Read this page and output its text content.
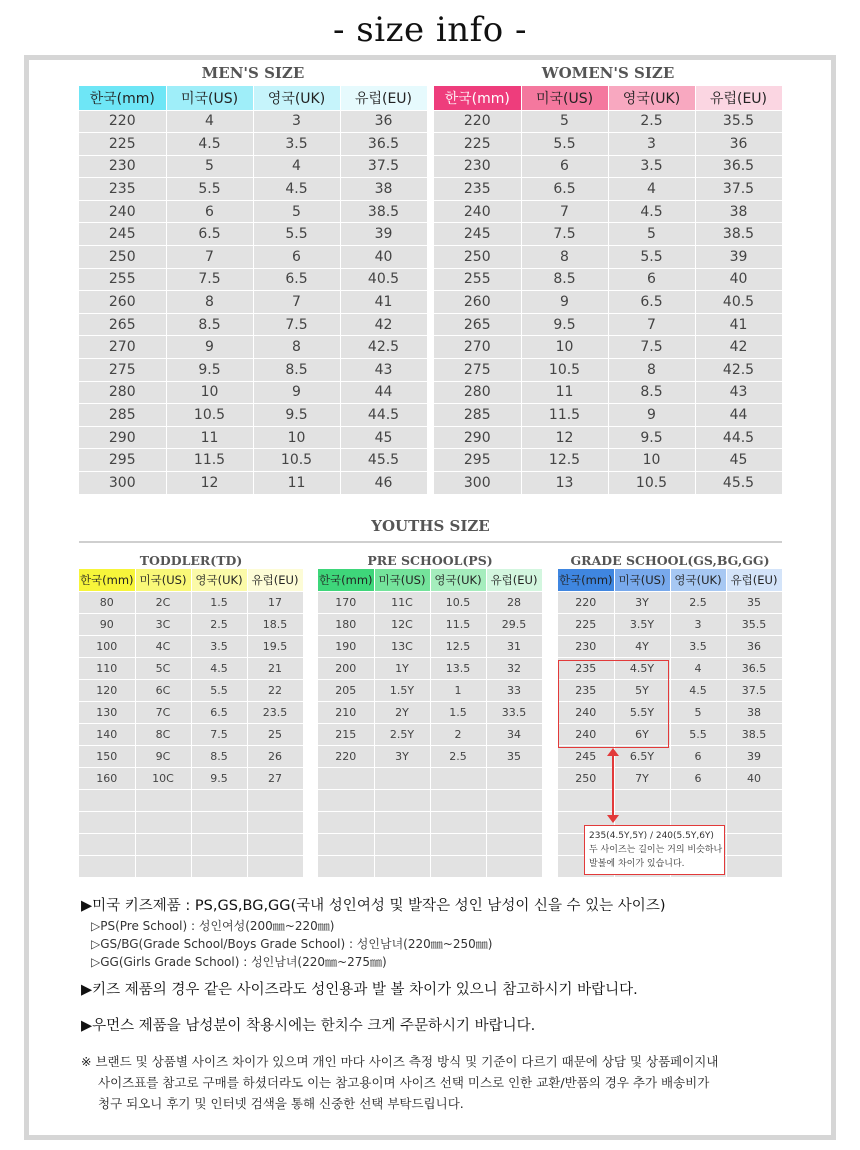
- size info -
MEN'S SIZE	WOMEN'S SIZE
한국(mm)	미국(US)	영국(UK)	유럽(EU)
220	4	3	36
225	4.5	3.5	36.5
230	5	4	37.5
235	5.5	4.5	38
240	6	5	38.5
245	6.5	5.5	39
250	7	6	40
255	7.5	6.5	40.5
260	8	7	41
265	8.5	7.5	42
270	9	8	42.5
275	9.5	8.5	43
280	10	9	44
285	10.5	9.5	44.5
290	11	10	45
295	11.5	10.5	45.5
300	12	11	46
한국(mm)	미국(US)	영국(UK)	유럽(EU)
220	5	2.5	35.5
225	5.5	3	36
230	6	3.5	36.5
235	6.5	4	37.5
240	7	4.5	38
245	7.5	5	38.5
250	8	5.5	39
255	8.5	6	40
260	9	6.5	40.5
265	9.5	7	41
270	10	7.5	42
275	10.5	8	42.5
280	11	8.5	43
285	11.5	9	44
290	12	9.5	44.5
295	12.5	10	45
300	13	10.5	45.5
YOUTHS SIZE
TODDLER(TD)	PRE SCHOOL(PS)	GRADE SCHOOL(GS,BG,GG)
한국(mm)	미국(US)	영국(UK)	유럽(EU)
80	2C	1.5	17
90	3C	2.5	18.5
100	4C	3.5	19.5
110	5C	4.5	21
120	6C	5.5	22
130	7C	6.5	23.5
140	8C	7.5	25
150	9C	8.5	26
160	10C	9.5	27

한국(mm)	미국(US)	영국(UK)	유럽(EU)
170	11C	10.5	28
180	12C	11.5	29.5
190	13C	12.5	31
200	1Y	13.5	32
205	1.5Y	1	33
210	2Y	1.5	33.5
215	2.5Y	2	34
220	3Y	2.5	35

한국(mm)	미국(US)	영국(UK)	유럽(EU)
220	3Y	2.5	35
225	3.5Y	3	35.5
230	4Y	3.5	36
235	4.5Y	4	36.5
235	5Y	4.5	37.5
240	5.5Y	5	38
240	6Y	5.5	38.5
245	6.5Y	6	39
250	7Y	6	40

235(4.5Y,5Y) / 240(5.5Y,6Y)
두 사이즈는 길이는 거의 비슷하나
발볼에 차이가 있습니다.
▶미국 키즈제품 : PS,GS,BG,GG(국내 성인여성 및 발작은 성인 남성이 신을 수 있는 사이즈)
▷PS(Pre School) : 성인여성(200㎜~220㎜)
▷GS/BG(Grade School/Boys Grade School) : 성인남녀(220㎜~250㎜)
▷GG(Girls Grade School) : 성인남녀(220㎜~275㎜)
▶키즈 제품의 경우 같은 사이즈라도 성인용과 발 볼 차이가 있으니 참고하시기 바랍니다.
▶우먼스 제품을 남성분이 착용시에는 한치수 크게 주문하시기 바랍니다.
※ 브랜드 및 상품별 사이즈 차이가 있으며 개인 마다 사이즈 측정 방식 및 기준이 다르기 때문에 상담 및 상품페이지내
사이즈표를 참고로 구매를 하셨더라도 이는 참고용이며 사이즈 선택 미스로 인한 교환/반품의 경우 추가 배송비가
청구 되오니 후기 및 인터넷 검색을 통해 신중한 선택 부탁드립니다.
